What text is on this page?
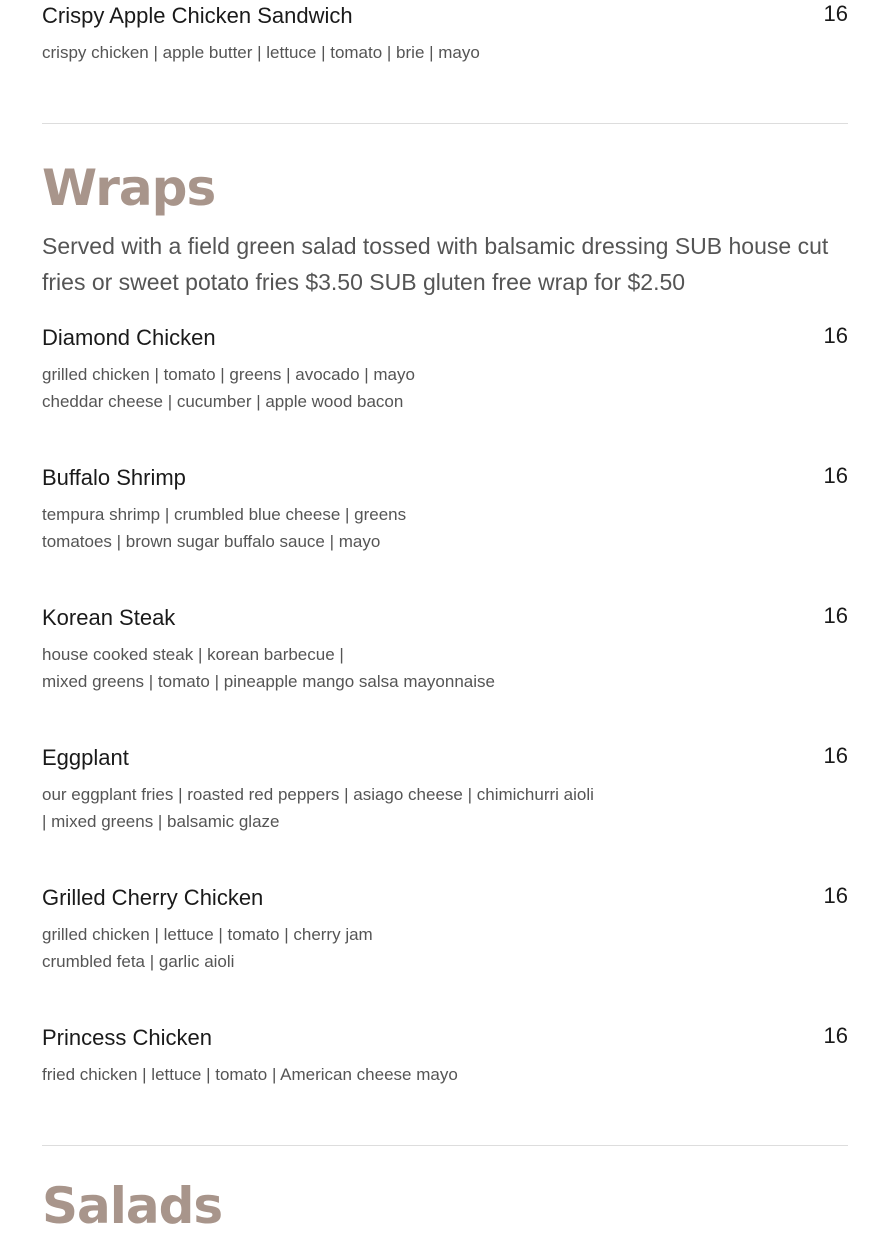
Crispy Apple Chicken Sandwich	16
crispy chicken | apple butter | lettuce | tomato | brie | mayo
Wraps
Served with a field green salad tossed with balsamic dressing SUB house cut fries or sweet potato fries $3.50 SUB gluten free wrap for $2.50
Diamond Chicken	16
grilled chicken | tomato | greens | avocado | mayo
cheddar cheese | cucumber | apple wood bacon
Buffalo Shrimp	16
tempura shrimp | crumbled blue cheese | greens
tomatoes | brown sugar buffalo sauce | mayo
Korean Steak	16
house cooked steak | korean barbecue |
mixed greens | tomato | pineapple mango salsa mayonnaise
Eggplant	16
our eggplant fries | roasted red peppers | asiago cheese | chimichurri aioli
| mixed greens | balsamic glaze
Grilled Cherry Chicken	16
grilled chicken | lettuce | tomato | cherry jam
crumbled feta | garlic aioli
Princess Chicken	16
fried chicken | lettuce | tomato | American cheese mayo
Salads
